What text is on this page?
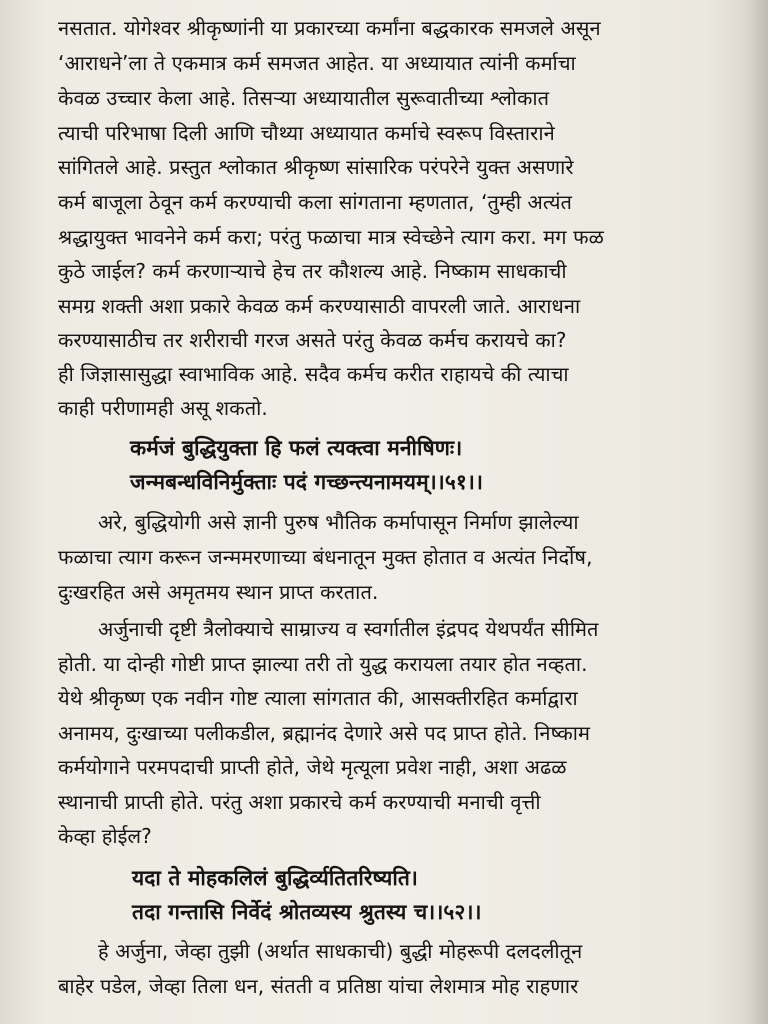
नसतात. योगेश्वर श्रीकृष्णांनी या प्रकारच्या कर्मांना बद्धकारक समजले असून
‘आराधने’ला ते एकमात्र कर्म समजत आहेत. या अध्यायात त्यांनी कर्माचा
केवळ उच्चार केला आहे. तिसऱ्या अध्यायातील सुरूवातीच्या श्लोकात
त्याची परिभाषा दिली आणि चौथ्या अध्यायात कर्माचे स्वरूप विस्ताराने
सांगितले आहे. प्रस्तुत श्लोकात श्रीकृष्ण सांसारिक परंपरेने युक्त असणारे
कर्म बाजूला ठेवून कर्म करण्याची कला सांगताना म्हणतात, ‘तुम्ही अत्यंत
श्रद्धायुक्त भावनेने कर्म करा; परंतु फळाचा मात्र स्वेच्छेने त्याग करा. मग फळ
कुठे जाईल? कर्म करणाऱ्याचे हेच तर कौशल्य आहे. निष्काम साधकाची
समग्र शक्ती अशा प्रकारे केवळ कर्म करण्यासाठी वापरली जाते. आराधना
करण्यासाठीच तर शरीराची गरज असते परंतु केवळ कर्मच करायचे का?
ही जिज्ञासासुद्धा स्वाभाविक आहे. सदैव कर्मच करीत राहायचे की त्याचा
काही परीणामही असू शकतो.
कर्मजं बुद्धियुक्ता हि फलं त्यक्त्वा मनीषिणः।
जन्मबन्धविनिर्मुक्ताः पदं गच्छन्त्यनामयम्।।५१।।
अरे, बुद्धियोगी असे ज्ञानी पुरुष भौतिक कर्मापासून निर्माण झालेल्या
फळाचा त्याग करून जन्ममरणाच्या बंधनातून मुक्त होतात व अत्यंत निर्दोष,
दुःखरहित असे अमृतमय स्थान प्राप्त करतात.
अर्जुनाची दृष्टी त्रैलोक्याचे साम्राज्य व स्वर्गातील इंद्रपद येथपर्यंत सीमित
होती. या दोन्ही गोष्टी प्राप्त झाल्या तरी तो युद्ध करायला तयार होत नव्हता.
येथे श्रीकृष्ण एक नवीन गोष्ट त्याला सांगतात की, आसक्तीरहित कर्माद्वारा
अनामय, दुःखाच्या पलीकडील, ब्रह्मानंद देणारे असे पद प्राप्त होते. निष्काम
कर्मयोगाने परमपदाची प्राप्ती होते, जेथे मृत्यूला प्रवेश नाही, अशा अढळ
स्थानाची प्राप्ती होते. परंतु अशा प्रकारचे कर्म करण्याची मनाची वृत्ती
केव्हा होईल?
यदा ते मोहकलिलं बुद्धिर्व्यतितरिष्यति।
तदा गन्तासि निर्वेदं श्रोतव्यस्य श्रुतस्य च।।५२।।
हे अर्जुना, जेव्हा तुझी (अर्थात साधकाची) बुद्धी मोहरूपी दलदलीतून
बाहेर पडेल, जेव्हा तिला धन, संतती व प्रतिष्ठा यांचा लेशमात्र मोह राहणार
